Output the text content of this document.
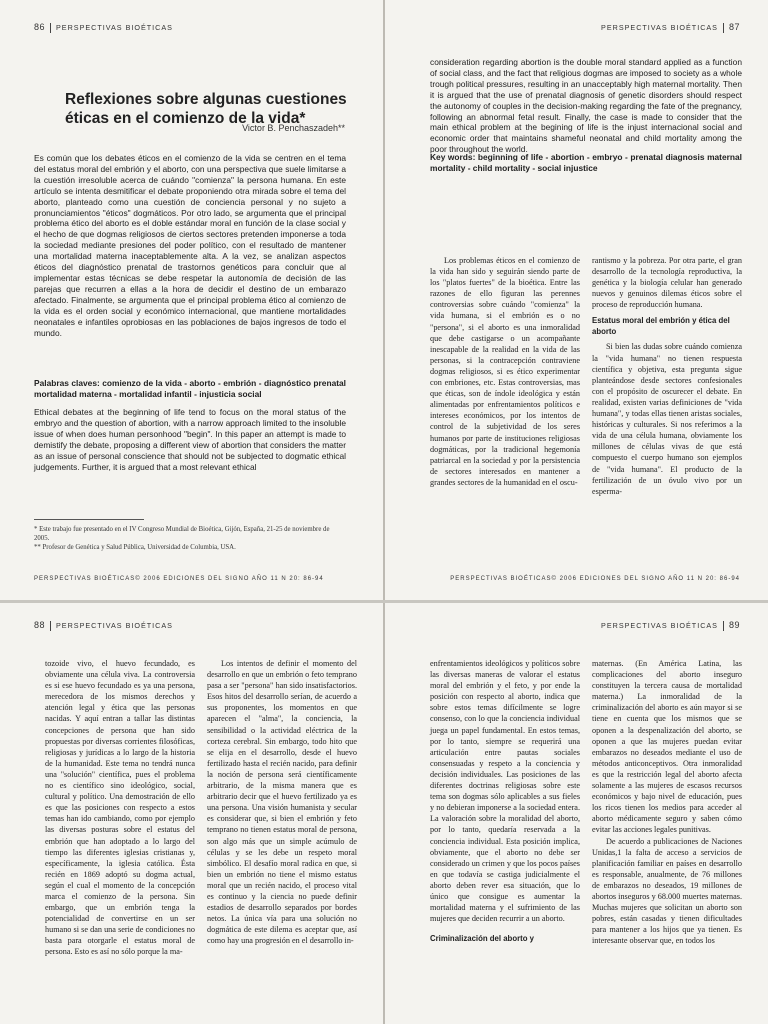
86 PERSPECTIVAS BIOÉTICAS
Reflexiones sobre algunas cuestiones éticas en el comienzo de la vida*
Victor B. Penchaszadeh**

Es común que los debates éticos en el comienzo de la vida se centren en el tema del estatus moral del embrión y el aborto, con una perspectiva que suele limitarse a la cuestión irresoluble acerca de cuándo "comienza" la persona humana. En este artículo se intenta desmitificar el debate proponiendo otra mirada sobre el tema del aborto, planteado como una cuestión de conciencia personal y no sujeto a pronunciamientos "éticos" dogmáticos. Por otro lado, se argumenta que el principal problema ético del aborto es el doble estándar moral en función de la clase social y el hecho de que dogmas religiosos de ciertos sectores pretenden imponerse a toda la sociedad mediante presiones del poder político, con el resultado de mantener una mortalidad materna inaceptablemente alta. A la vez, se analizan aspectos éticos del diagnóstico prenatal de trastornos genéticos para concluir que al implementar estas técnicas se debe respetar la autonomía de decisión de las parejas que recurren a ellas a la hora de decidir el destino de un embarazo afectado. Finalmente, se argumenta que el principal problema ético al comienzo de la vida es el orden social y económico internacional, que mantiene mortalidades neonatales e infantiles oprobiosas en las poblaciones de bajos ingresos de todo el mundo.

Palabras claves: comienzo de la vida - aborto - embrión - diagnóstico prenatal mortalidad materna - mortalidad infantil - injusticia social

Ethical debates at the beginning of life tend to focus on the moral status of the embryo and the question of abortion, with a narrow approach limited to the insoluble issue of when does human personhood "begin". In this paper an attempt is made to demistify the debate, proposing a different view of abortion that considers the matter as an issue of personal conscience that should not be subjected to dogmatic ethical judgements. Further, it is argued that a most relevant ethical

* Este trabajo fue presentado en el IV Congreso Mundial de Bioética, Gijón, España, 21-25 de noviembre de 2005.

** Profesor de Genética y Salud Pública, Universidad de Columbia, USA.

PERSPECTIVAS BIOÉTICAS© 2006 EDICIONES DEL SIGNO AÑO 11 N 20: 86-94
PERSPECTIVAS BIOÉTICAS 87

consideration regarding abortion is the double moral standard applied as a function of social class, and the fact that religious dogmas are imposed to society as a whole trough political pressures, resulting in an unacceptably high maternal mortality. Then it is argued that the use of prenatal diagnosis of genetic disorders should respect the autonomy of couples in the decision-making regarding the fate of the pregnancy, following an abnormal fetal result. Finally, the case is made to consider that the main ethical problem at the begining of life is the injust internacional social and economic order that maintains shameful neonatal and child mortality among the poor throughout the world.

Key words: beginning of life - abortion - embryo - prenatal diagnosis maternal mortality - child mortality - social injustice

Los problemas éticos en el comienzo de la vida han sido y seguirán siendo parte de los "platos fuertes" de la bioética. Entre las razones de ello figuran las perennes controversias sobre cuándo "comienza" la vida humana, si el embrión es o no "persona", si el aborto es una inmoralidad que debe castigarse o un acompañante inescapable de la realidad en la vida de las personas, si la contracepción contraviene dogmas religiosos, si es ético experimentar con embriones, etc. Estas controversias, mas que éticas, son de índole ideológica y están alimentadas por enfrentamientos políticos e intereses económicos, por los intentos de control de la subjetividad de los seres humanos por parte de instituciones religiosas dogmáticas, por la tradicional hegemonía patriarcal en la sociedad y por la persistencia de sectores interesados en mantener a grandes sectores de la humanidad en el oscu-

rantismo y la pobreza. Por otra parte, el gran desarrollo de la tecnología reproductiva, la genética y la biología celular han generado nuevos y genuinos dilemas éticos sobre el proceso de reproducción humana.

Estatus moral del embrión y ética del aborto

Si bien las dudas sobre cuándo comienza la "vida humana" no tienen respuesta científica y objetiva, esta pregunta sigue planteándose desde sectores confesionales con el propósito de oscurecer el debate. En realidad, existen varias definiciones de "vida humana", y todas ellas tienen aristas sociales, históricas y culturales. Si nos referimos a la vida de una célula humana, obviamente los millones de células vivas de que está compuesto el cuerpo humano son ejemplos de "vida humana". El producto de la fertilización de un óvulo vivo por un esperma-

PERSPECTIVAS BIOÉTICAS© 2006 EDICIONES DEL SIGNO AÑO 11 N 20: 86-94
88 PERSPECTIVAS BIOÉTICAS

tozoide vivo, el huevo fecundado, es obviamente una célula viva. La controversia es si ese huevo fecundado es ya una persona, merecedora de los mismos derechos y atención legal y ética que las personas nacidas. Y aquí entran a tallar las distintas concepciones de persona que han sido propuestas por diversas corrientes filosóficas, religiosas y jurídicas a lo largo de la historia de la humanidad. Este tema no tendrá nunca una "solución" científica, pues el problema no es científico sino ideológico, social, cultural y político. Una demostración de ello es que las posiciones con respecto a estos temas han ido cambiando, como por ejemplo las diversas posturas sobre el estatus del embrión que han adoptado a lo largo del tiempo las diferentes iglesias cristianas y, específicamente, la iglesia católica. Ésta recién en 1869 adoptó su dogma actual, según el cual el momento de la concepción marca el comienzo de la persona. Sin embargo, que un embrión tenga la potencialidad de convertirse en un ser humano si se dan una serie de condiciones no basta para otorgarle el estatus moral de persona. Esto es así no sólo porque la ma-

Los intentos de definir el momento del desarrollo en que un embrión o feto temprano pasa a ser "persona" han sido insatisfactorios. Esos hitos del desarrollo serían, de acuerdo a sus proponentes, los momentos en que aparecen el "alma", la conciencia, la sensibilidad o la actividad eléctrica de la corteza cerebral. Sin embargo, todo hito que se elija en el desarrollo, desde el huevo fertilizado hasta el recién nacido, para definir la noción de persona será científicamente arbitrario, de la misma manera que es arbitrario decir que el huevo fertilizado ya es una persona. Una visión humanista y secular es considerar que, si bien el embrión y feto temprano no tienen estatus moral de persona, son algo más que un simple acúmulo de células y se les debe un respeto moral simbólico. El desafío moral radica en que, si bien un embrión no tiene el mismo estatus moral que un recién nacido, el proceso vital es continuo y la ciencia no puede definir estadios de desarrollo separados por bordes netos. La única vía para una solución no dogmática de este dilema es aceptar que, así como hay una progresión en el desarrollo in-

PERSPECTIVAS BIOÉTICAS 89

enfrentamientos ideológicos y políticos sobre las diversas maneras de valorar el estatus moral del embrión y el feto, y por ende la posición con respecto al aborto, indica que sobre estos temas difícilmente se logre consenso, con lo que la conciencia individual juega un papel fundamental. En estos temas, por lo tanto, siempre se requerirá una articulación entre pautas sociales consensuadas y respeto a la conciencia y decisión individuales. Las posiciones de las diferentes doctrinas religiosas sobre este tema son dogmas sólo aplicables a sus fieles y no debieran imponerse a la sociedad entera. La valoración sobre la moralidad del aborto, por lo tanto, quedaría reservada a la conciencia individual. Esta posición implica, obviamente, que el aborto no debe ser considerado un crimen y que los pocos países en que todavía se castiga judicialmente el aborto deben rever esa situación, que lo único que consigue es aumentar la mortalidad materna y el sufrimiento de las mujeres que deciden recurrir a un aborto.

Criminalización del aborto y

maternas. (En América Latina, las complicaciones del aborto inseguro constituyen la tercera causa de mortalidad materna.) La inmoralidad de la criminalización del aborto es aún mayor si se tiene en cuenta que los mismos que se oponen a la despenalización del aborto, se oponen a que las mujeres puedan evitar embarazos no deseados mediante el uso de métodos anticonceptivos. Otra inmoralidad es que la restricción legal del aborto afecta solamente a las mujeres de escasos recursos económicos y bajo nivel de educación, pues los ricos tienen los medios para acceder al aborto médicamente seguro y saben cómo evitar las acciones legales punitivas.

De acuerdo a publicaciones de Naciones Unidas,1 la falta de acceso a servicios de planificación familiar en países en desarrollo es responsable, anualmente, de 76 millones de embarazos no deseados, 19 millones de abortos inseguros y 68.000 muertes maternas. Muchas mujeres que solicitan un aborto son pobres, están casadas y tienen dificultades para mantener a los hijos que ya tienen. Es interesante observar que, en todos los
